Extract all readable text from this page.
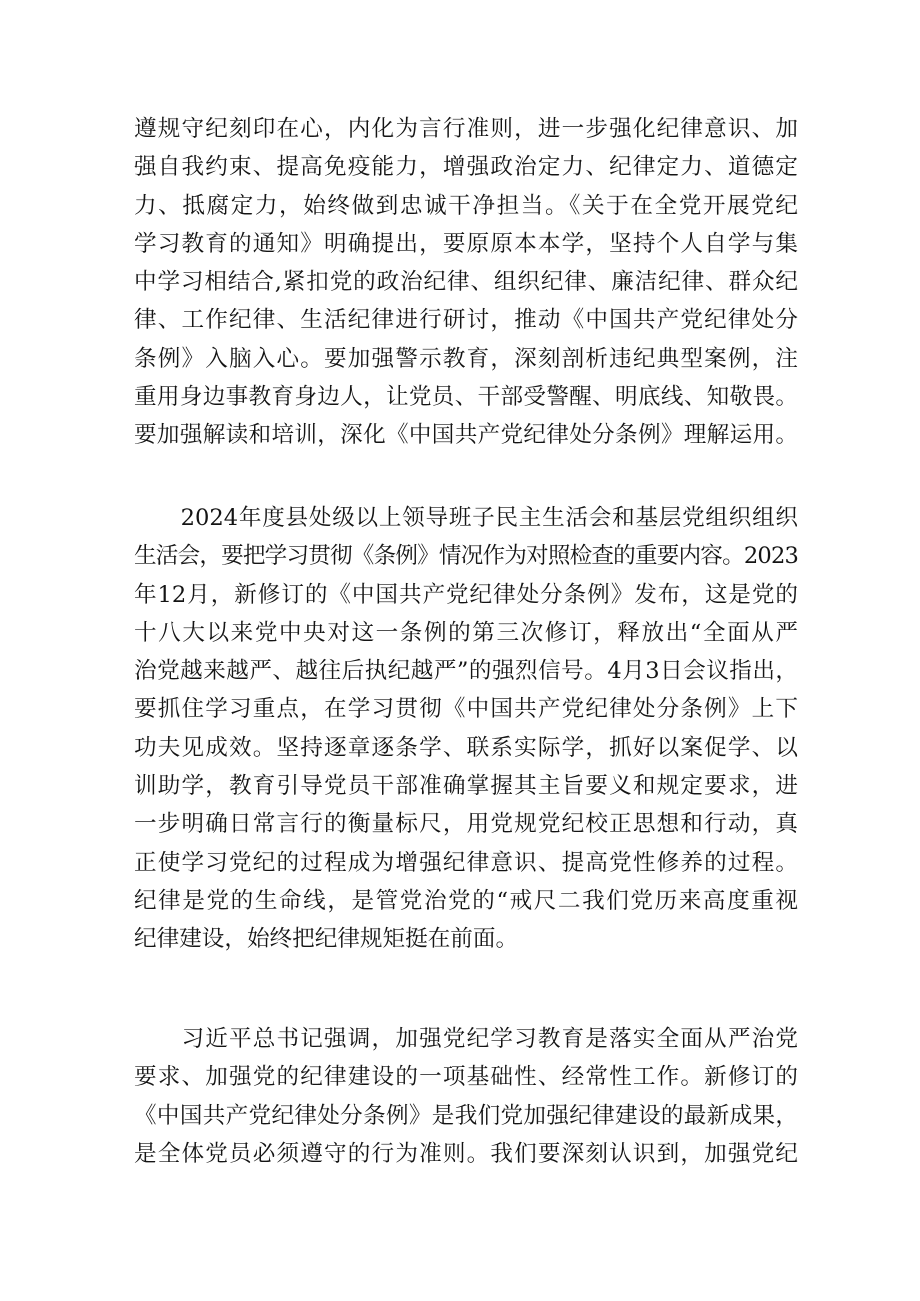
遵规守纪刻印在心，内化为言行准则，进一步强化纪律意识、加
强自我约束、提高免疫能力，增强政治定力、纪律定力、道德定
力、抵腐定力，始终做到忠诚干净担当。《关于在全党开展党纪
学习教育的通知》明确提出，要原原本本学，坚持个人自学与集
中学习相结合,紧扣党的政治纪律、组织纪律、廉洁纪律、群众纪
律、工作纪律、生活纪律进行研讨，推动《中国共产党纪律处分
条例》入脑入心。要加强警示教育，深刻剖析违纪典型案例，注
重用身边事教育身边人，让党员、干部受警醒、明底线、知敬畏。
要加强解读和培训，深化《中国共产党纪律处分条例》理解运用。
　　2024年度县处级以上领导班子民主生活会和基层党组织组织
生活会，要把学习贯彻《条例》情况作为对照检查的重要内容。2023
年12月，新修订的《中国共产党纪律处分条例》发布，这是党的
十八大以来党中央对这一条例的第三次修订，释放出“全面从严
治党越来越严、越往后执纪越严”的强烈信号。4月3日会议指出，
要抓住学习重点，在学习贯彻《中国共产党纪律处分条例》上下
功夫见成效。坚持逐章逐条学、联系实际学，抓好以案促学、以
训助学，教育引导党员干部准确掌握其主旨要义和规定要求，进
一步明确日常言行的衡量标尺，用党规党纪校正思想和行动，真
正使学习党纪的过程成为增强纪律意识、提高党性修养的过程。
纪律是党的生命线，是管党治党的“戒尺二我们党历来高度重视
纪律建设，始终把纪律规矩挺在前面。
　　习近平总书记强调，加强党纪学习教育是落实全面从严治党
要求、加强党的纪律建设的一项基础性、经常性工作。新修订的
《中国共产党纪律处分条例》是我们党加强纪律建设的最新成果，
是全体党员必须遵守的行为准则。我们要深刻认识到，加强党纪
